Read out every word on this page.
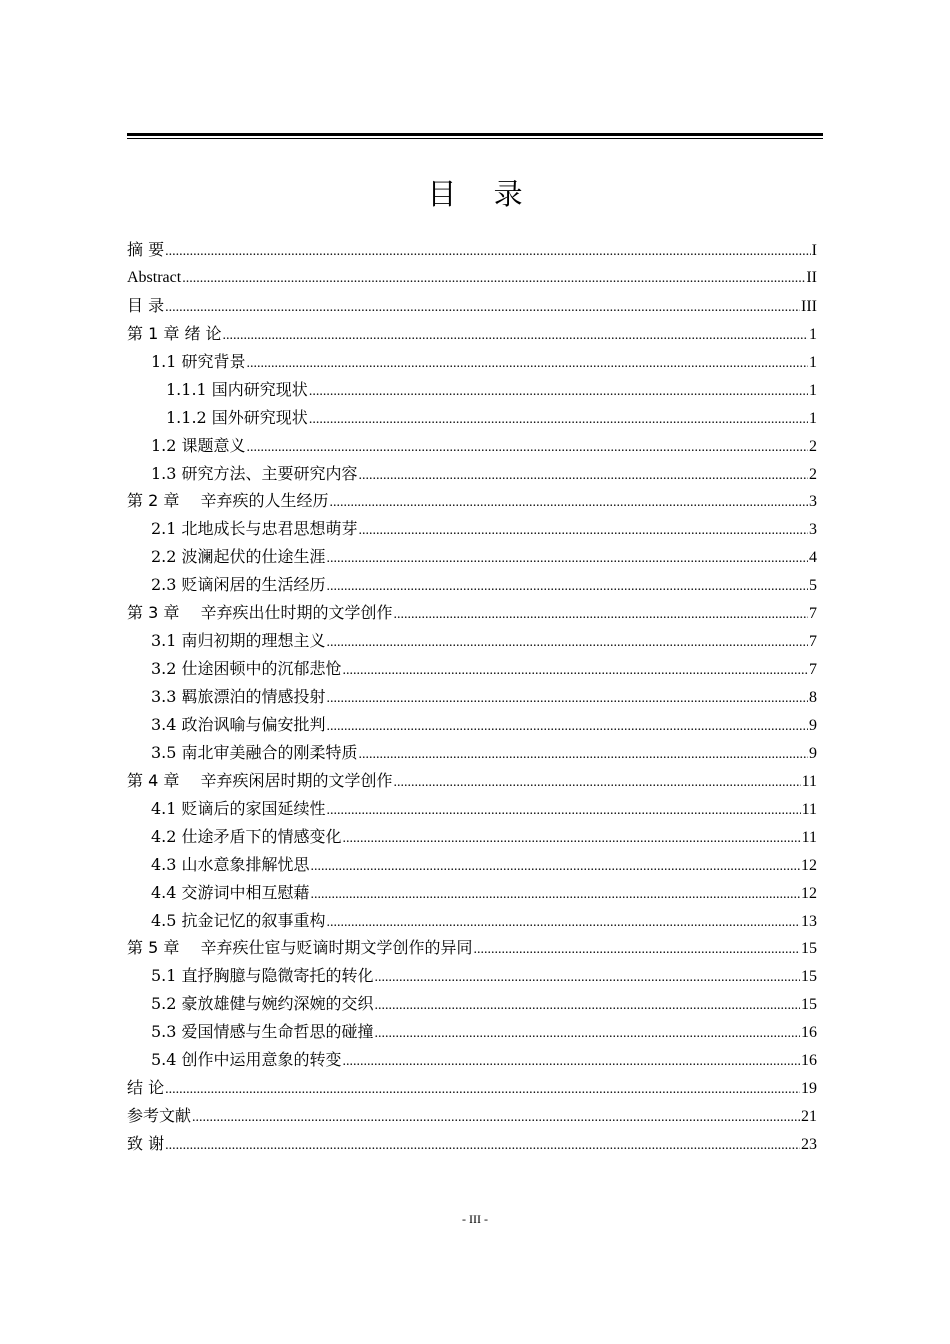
目 录
摘 要 .....	I
Abstract .....	II
目 录 .....	III
第 1 章 绪 论 .....	1
1.1 研究背景 .....	1
1.1.1 国内研究现状 .....	1
1.1.2 国外研究现状 .....	1
1.2 课题意义 .....	2
1.3 研究方法、主要研究内容 .....	2
第 2 章　 辛弃疾的人生经历 .....	3
2.1 北地成长与忠君思想萌芽 .....	3
2.2 波澜起伏的仕途生涯 .....	4
2.3 贬谪闲居的生活经历 .....	5
第 3 章　 辛弃疾出仕时期的文学创作 .....	7
3.1 南归初期的理想主义 .....	7
3.2 仕途困顿中的沉郁悲怆 .....	7
3.3 羁旅漂泊的情感投射 .....	8
3.4 政治讽喻与偏安批判 .....	9
3.5 南北审美融合的刚柔特质 .....	9
第 4 章　 辛弃疾闲居时期的文学创作 .....	11
4.1 贬谪后的家国延续性 .....	11
4.2 仕途矛盾下的情感变化 .....	11
4.3 山水意象排解忧思 .....	12
4.4 交游词中相互慰藉 .....	12
4.5 抗金记忆的叙事重构 .....	13
第 5 章　 辛弃疾仕宦与贬谪时期文学创作的异同 .....	15
5.1 直抒胸臆与隐微寄托的转化 .....	15
5.2 豪放雄健与婉约深婉的交织 .....	15
5.3 爱国情感与生命哲思的碰撞 .....	16
5.4 创作中运用意象的转变 .....	16
结 论 .....	19
参考文献 .....	21
致 谢 .....	23
- III -
